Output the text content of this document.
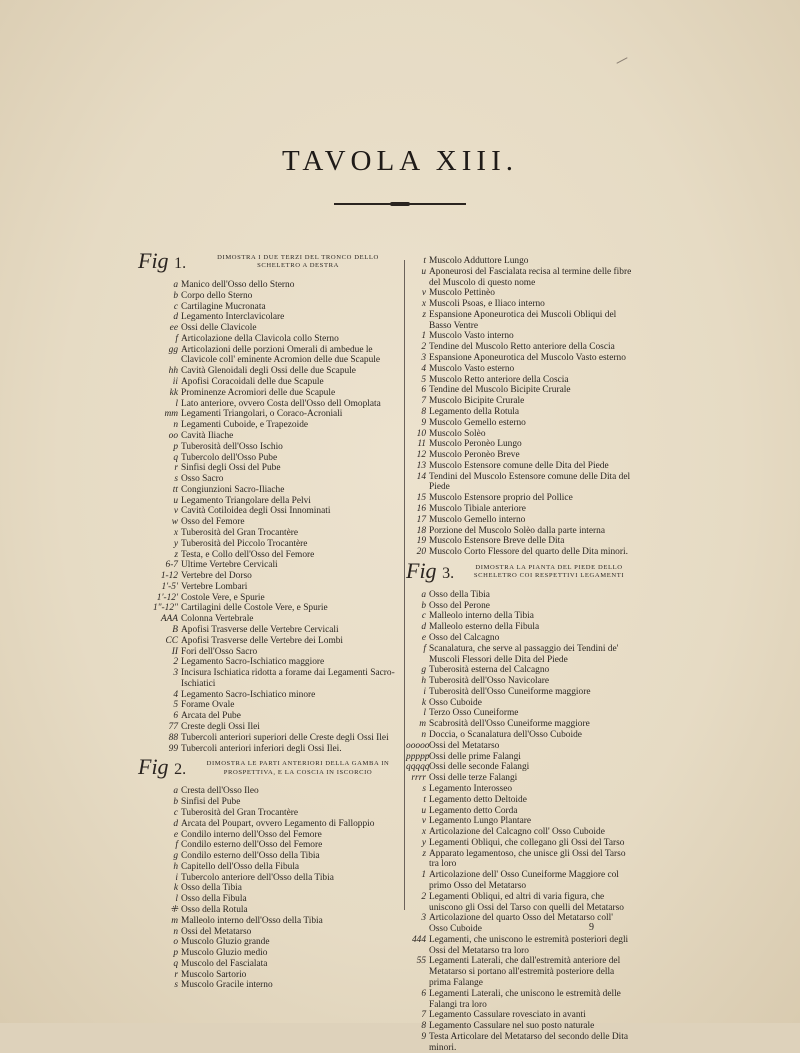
TAVOLA XIII.
Fig 1.	DIMOSTRA I DUE TERZI DEL TRONCO DELLO SCHELETRO A DESTRA
a Manico dell'Osso dello Sterno
b Corpo dello Sterno
c Cartilagine Mucronata
d Legamento Interclavicolare
ee Ossi delle Clavicole
f Articolazione della Clavicola collo Sterno
gg Articolazioni delle porzioni Omerali di ambedue le Clavicole coll' eminente Acromion delle due Scapule
hh Cavità Glenoidali degli Ossi delle due Scapule
ii Apofisi Coracoidali delle due Scapule
kk Prominenze Acromiori delle due Scapule
l Lato anteriore, ovvero Costa dell'Osso dell Omoplata
mm Legamenti Triangolari, o Coraco-Acroniali
n Legamenti Cuboide, e Trapezoide
oo Cavità Iliache
p Tuberosità dell'Osso Ischio
q Tubercolo dell'Osso Pube
r Sinfisi degli Ossi del Pube
s Osso Sacro
tt Congiunzioni Sacro-Iliache
u Legamento Triangolare della Pelvi
v Cavità Cotiloidea degli Ossi Innominati
w Osso del Femore
x Tuberosità del Gran Trocantère
y Tuberosità del Piccolo Trocantère
z Testa, e Collo dell'Osso del Femore
6-7 Ultime Vertebre Cervicali
1-12 Vertebre del Dorso
1'-5' Vertebre Lombari
1'-12' Costole Vere, e Spurie
1"-12" Cartilagini delle Costole Vere, e Spurie
AAA Colonna Vertebrale
B Apofisi Trasverse delle Vertebre Cervicali
CC Apofisi Trasverse delle Vertebre dei Lombi
II Fori dell'Osso Sacro
2 Legamento Sacro-Ischiatico maggiore
3 Incisura Ischiatica ridotta a forame dai Legamenti Sacro-Ischiatici
4 Legamento Sacro-Ischiatico minore
5 Forame Ovale
6 Arcata del Pube
77 Creste degli Ossi Ilei
88 Tubercoli anteriori superiori delle Creste degli Ossi Ilei
99 Tubercoli anteriori inferiori degli Ossi Ilei.
Fig 2.	DIMOSTRA LE PARTI ANTERIORI DELLA GAMBA IN PROSPETTIVA, E LA COSCIA IN ISCORCIO
a Cresta dell'Osso Ileo
b Sinfisi del Pube
c Tuberosità del Gran Trocantère
d Arcata del Poupart, ovvero Legamento di Falloppio
e Condilo interno dell'Osso del Femore
f Condilo esterno dell'Osso del Femore
g Condilo esterno dell'Osso della Tibia
h Capitello dell'Osso della Fibula
i Tubercolo anteriore dell'Osso della Tibia
k Osso della Tibia
l Osso della Fibula
⁜ Osso della Rotula
m Malleolo interno dell'Osso della Tibia
n Ossi del Metatarso
o Muscolo Gluzio grande
p Muscolo Gluzio medio
q Muscolo del Fascialata
r Muscolo Sartorio
s Muscolo Gracile interno
t Muscolo Adduttore Lungo
u Aponeurosi del Fascialata recisa al termine delle fibre del Muscolo di questo nome
v Muscolo Pettinèo
x Muscoli Psoas, e Iliaco interno
z Espansione Aponeurotica dei Muscoli Obliqui del Basso Ventre
1 Muscolo Vasto interno
2 Tendine del Muscolo Retto anteriore della Coscia
3 Espansione Aponeurotica del Muscolo Vasto esterno
4 Muscolo Vasto esterno
5 Muscolo Retto anteriore della Coscia
6 Tendine del Muscolo Bicipite Crurale
7 Muscolo Bicipite Crurale
8 Legamento della Rotula
9 Muscolo Gemello esterno
10 Muscolo Solèo
11 Muscolo Peronèo Lungo
12 Muscolo Peronèo Breve
13 Muscolo Estensore comune delle Dita del Piede
14 Tendini del Muscolo Estensore comune delle Dita del Piede
15 Muscolo Estensore proprio del Pollice
16 Muscolo Tibiale anteriore
17 Muscolo Gemello interno
18 Porzione del Muscolo Solèo dalla parte interna
19 Muscolo Estensore Breve delle Dita
20 Muscolo Corto Flessore del quarto delle Dita minori.
Fig 3.	DIMOSTRA LA PIANTA DEL PIEDE DELLO SCHELETRO COI RESPETTIVI LEGAMENTI
a Osso della Tibia
b Osso del Perone
c Malleolo interno della Tibia
d Malleolo esterno della Fibula
e Osso del Calcagno
f Scanalatura, che serve al passaggio dei Tendini de' Muscoli Flessori delle Dita del Piede
g Tuberosità esterna del Calcagno
h Tuberosità dell'Osso Navicolare
i Tuberosità dell'Osso Cuneiforme maggiore
k Osso Cuboide
l Terzo Osso Cuneiforme
m Scabrosità dell'Osso Cuneiforme maggiore
n Doccia, o Scanalatura dell'Osso Cuboide
ooooo Ossi del Metatarso
ppppp Ossi delle prime Falangi
qqqqq Ossi delle seconde Falangi
rrrr Ossi delle terze Falangi
s Legamento Interosseo
t Legamento detto Deltoide
u Legamento detto Corda
v Legamento Lungo Plantare
x Articolazione del Calcagno coll' Osso Cuboide
y Legamenti Obliqui, che collegano gli Ossi del Tarso
z Apparato legamentoso, che unisce gli Ossi del Tarso tra loro
1 Articolazione dell' Osso Cuneiforme Maggiore col primo Osso del Metatarso
2 Legamenti Obliqui, ed altri di varia figura, che uniscono gli Ossi del Tarso con quelli del Metatarso
3 Articolazione del quarto Osso del Metatarso coll' Osso Cuboide
444 Legamenti, che uniscono le estremità posteriori degli Ossi del Metatarso tra loro
55 Legamenti Laterali, che dall'estremità anteriore del Metatarso si portano all'estremità posteriore della prima Falange
6 Legamenti Laterali, che uniscono le estremità delle Falangi tra loro
7 Legamento Cassulare rovesciato in avanti
8 Legamento Cassulare nel suo posto naturale
9 Testa Articolare del Metatarso del secondo delle Dita minori.
9
